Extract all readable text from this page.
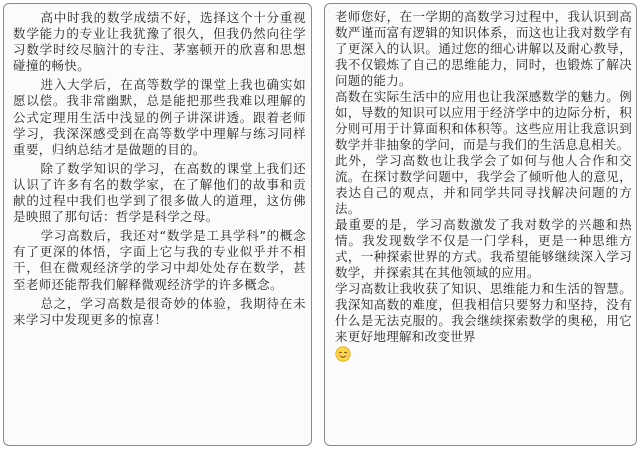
高中时我的数学成绩不好，选择这个十分重视数学能力的专业让我犹豫了很久，但我仍然向往学习数学时绞尽脑汁的专注、茅塞顿开的欣喜和思想碰撞的畅快。

进入大学后，在高等数学的课堂上我也确实如愿以偿。我非常幽默，总是能把那些我难以理解的公式定理用生活中浅显的例子讲深讲透。跟着老师学习，我深深感受到在高等数学中理解与练习同样重要，归纳总结才是做题的目的。

除了数学知识的学习，在高数的课堂上我们还认识了许多有名的数学家，在了解他们的故事和贡献的过程中我们也学到了很多做人的道理，这仿佛是映照了那句话：哲学是科学之母。

学习高数后，我还对“数学是工具学科”的概念有了更深的体悟，字面上它与我的专业似乎并不相干，但在微观经济学的学习中却处处存在数学，甚至老师还能帮我们解释微观经济学的许多概念。

总之，学习高数是很奇妙的体验，我期待在未来学习中发现更多的惊喜！

老师您好，在一学期的高数学习过程中，我认识到高数严谨而富有逻辑的知识体系，而这也让我对数学有了更深入的认识。通过您的细心讲解以及耐心教导，我不仅锻炼了自己的思维能力，同时，也锻炼了解决问题的能力。

高数在实际生活中的应用也让我深感数学的魅力。例如，导数的知识可以应用于经济学中的边际分析，积分则可用于计算面积和体积等。这些应用让我意识到数学并非抽象的学问，而是与我们的生活息息相关。

此外，学习高数也让我学会了如何与他人合作和交流。在探讨数学问题中，我学会了倾听他人的意见，表达自己的观点，并和同学共同寻找解决问题的方法。

最重要的是，学习高数激发了我对数学的兴趣和热情。我发现数学不仅是一门学科，更是一种思维方式，一种探索世界的方式。我希望能够继续深入学习数学，并探索其在其他领域的应用。

学习高数让我收获了知识、思维能力和生活的智慧。我深知高数的难度，但我相信只要努力和坚持，没有什么是无法克服的。我会继续探索数学的奥秘，用它来更好地理解和改变世界
